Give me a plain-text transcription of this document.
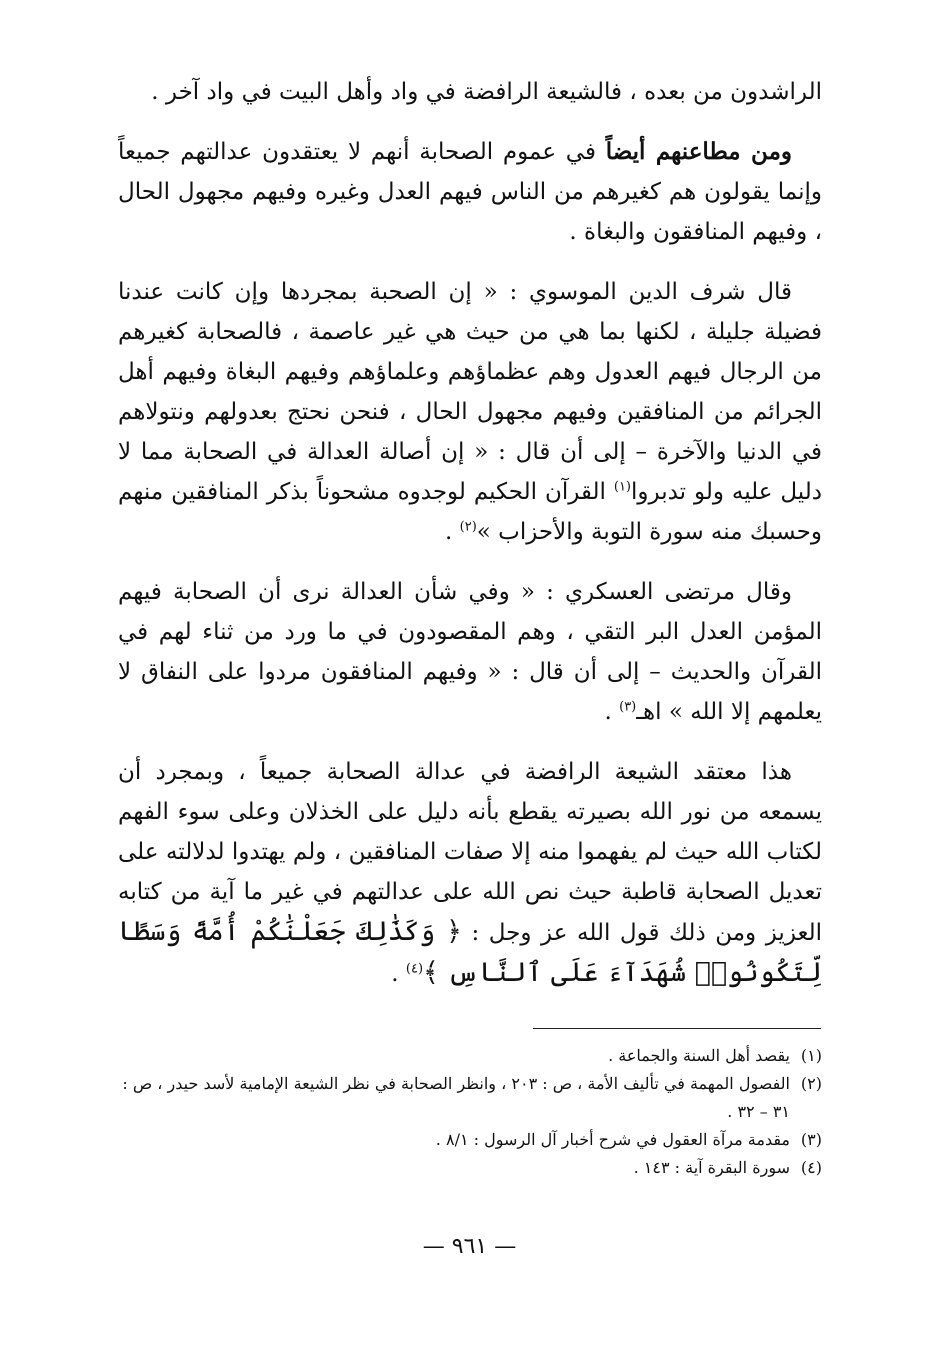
الراشدون من بعده ، فالشيعة الرافضة في واد وأهل البيت في واد آخر .

ومن مطاعنهم أيضاً في عموم الصحابة أنهم لا يعتقدون عدالتهم جميعاً وإنما يقولون هم كغيرهم من الناس فيهم العدل وغيره وفيهم مجهول الحال ، وفيهم المنافقون والبغاة .

قال شرف الدين الموسوي : « إن الصحبة بمجردها وإن كانت عندنا فضيلة جليلة ، لكنها بما هي من حيث هي غير عاصمة ، فالصحابة كغيرهم من الرجال فيهم العدول وهم عظماؤهم وعلماؤهم وفيهم البغاة وفيهم أهل الجرائم من المنافقين وفيهم مجهول الحال ، فنحن نحتج بعدولهم ونتولاهم في الدنيا والآخرة – إلى أن قال : « إن أصالة العدالة في الصحابة مما لا دليل عليه ولو تدبروا$^{(١)}$ القرآن الحكيم لوجدوه مشحوناً بذكر المنافقين منهم وحسبك منه سورة التوبة والأحزاب »$^{(٢)}$ .

وقال مرتضى العسكري : « وفي شأن العدالة نرى أن الصحابة فيهم المؤمن العدل البر التقي ، وهم المقصودون في ما ورد من ثناء لهم في القرآن والحديث – إلى أن قال : « وفيهم المنافقون مردوا على النفاق لا يعلمهم إلا الله » اهـ$^{(٣)}$ .

هذا معتقد الشيعة الرافضة في عدالة الصحابة جميعاً ، وبمجرد أن يسمعه من نور الله بصيرته يقطع بأنه دليل على الخذلان وعلى سوء الفهم لكتاب الله حيث لم يفهموا منه إلا صفات المنافقين ، ولم يهتدوا لدلالته على تعديل الصحابة قاطبة حيث نص الله على عدالتهم في غير ما آية من كتابه العزيز ومن ذلك قول الله عز وجل : ﴿ وَكَذَٰلِكَ جَعَلْنَٰكُمْ أُمَّةً وَسَطًا لِّتَكُونُوا۟ شُهَدَآءَ عَلَى ٱلنَّاسِ ﴾$^{(٤)}$ .

(١)
يقصد أهل السنة والجماعة .
(٢)
الفصول المهمة في تأليف الأمة ، ص : ٢٠٣ ، وانظر الصحابة في نظر الشيعة الإمامية لأسد حيدر ، ص : ٣١ – ٣٢ .
(٣)
مقدمة مرآة العقول في شرح أخبار آل الرسول : ٨/١ .
(٤)
سورة البقرة آية : ١٤٣ .
— ٩٦١ —
